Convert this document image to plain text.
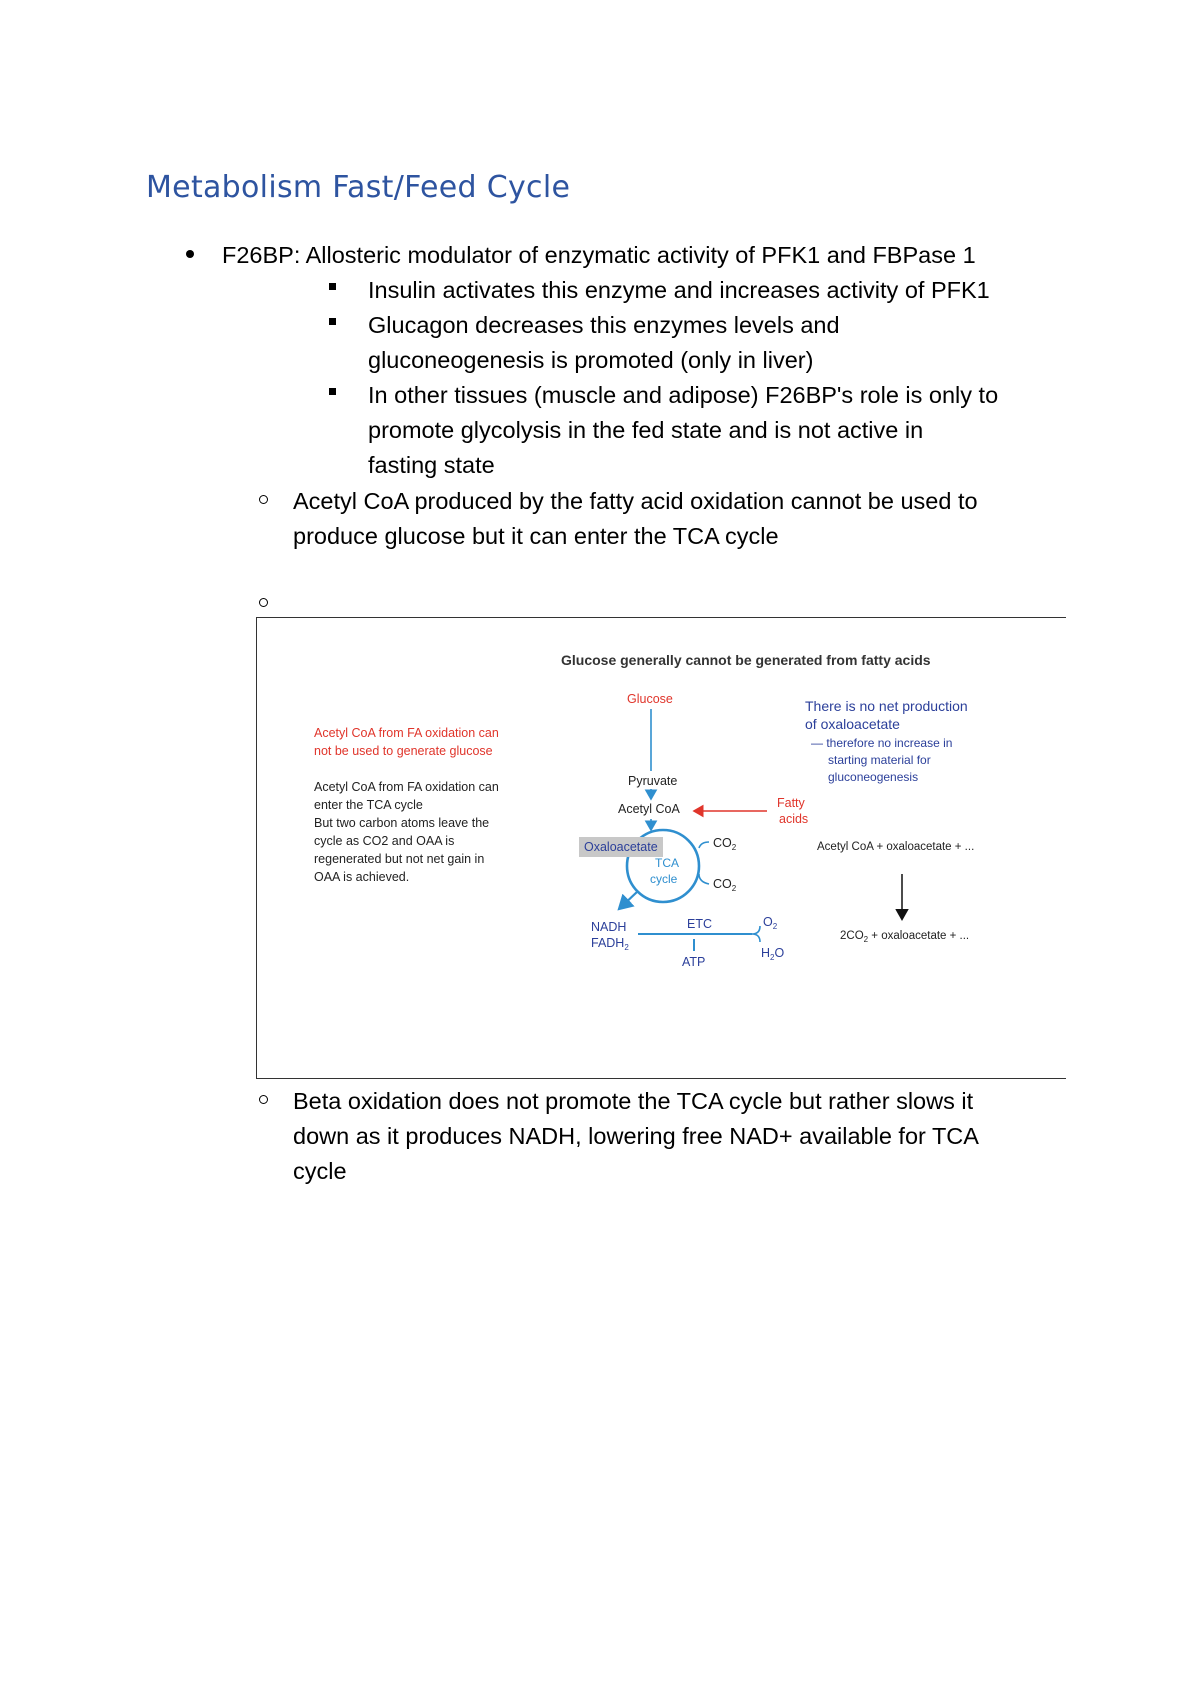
Metabolism Fast/Feed Cycle
F26BP: Allosteric modulator of enzymatic activity of PFK1 and FBPase 1
Insulin activates this enzyme and increases activity of PFK1
Glucagon decreases this enzymes levels and
gluconeogenesis is promoted (only in liver)
In other tissues (muscle and adipose) F26BP's role is only to
promote glycolysis in the fed state and is not active in
fasting state
Acetyl CoA produced by the fatty acid oxidation cannot be used to
produce glucose but it can enter the TCA cycle
Glucose generally cannot be generated from fatty acids
Acetyl CoA from FA oxidation can
not be used to generate glucose
Acetyl CoA from FA oxidation can
enter the TCA cycle
But two carbon atoms leave the
cycle as CO2 and OAA is
regenerated but not net gain in
OAA is achieved.
Glucose
Pyruvate
Acetyl CoA	Fatty
acids
Oxaloacetate
TCA
cycle
$CO_2$
$CO_2$
NADH
$FADH_2$
ETC
ATP
$O_2$
$H_2O$
There is no net production
of oxaloacetate
— therefore no increase in
starting material for
gluconeogenesis
Acetyl CoA + oxaloacetate + ...
$2CO_2$ + oxaloacetate + ...
Beta oxidation does not promote the TCA cycle but rather slows it
down as it produces NADH, lowering free NAD+ available for TCA
cycle
